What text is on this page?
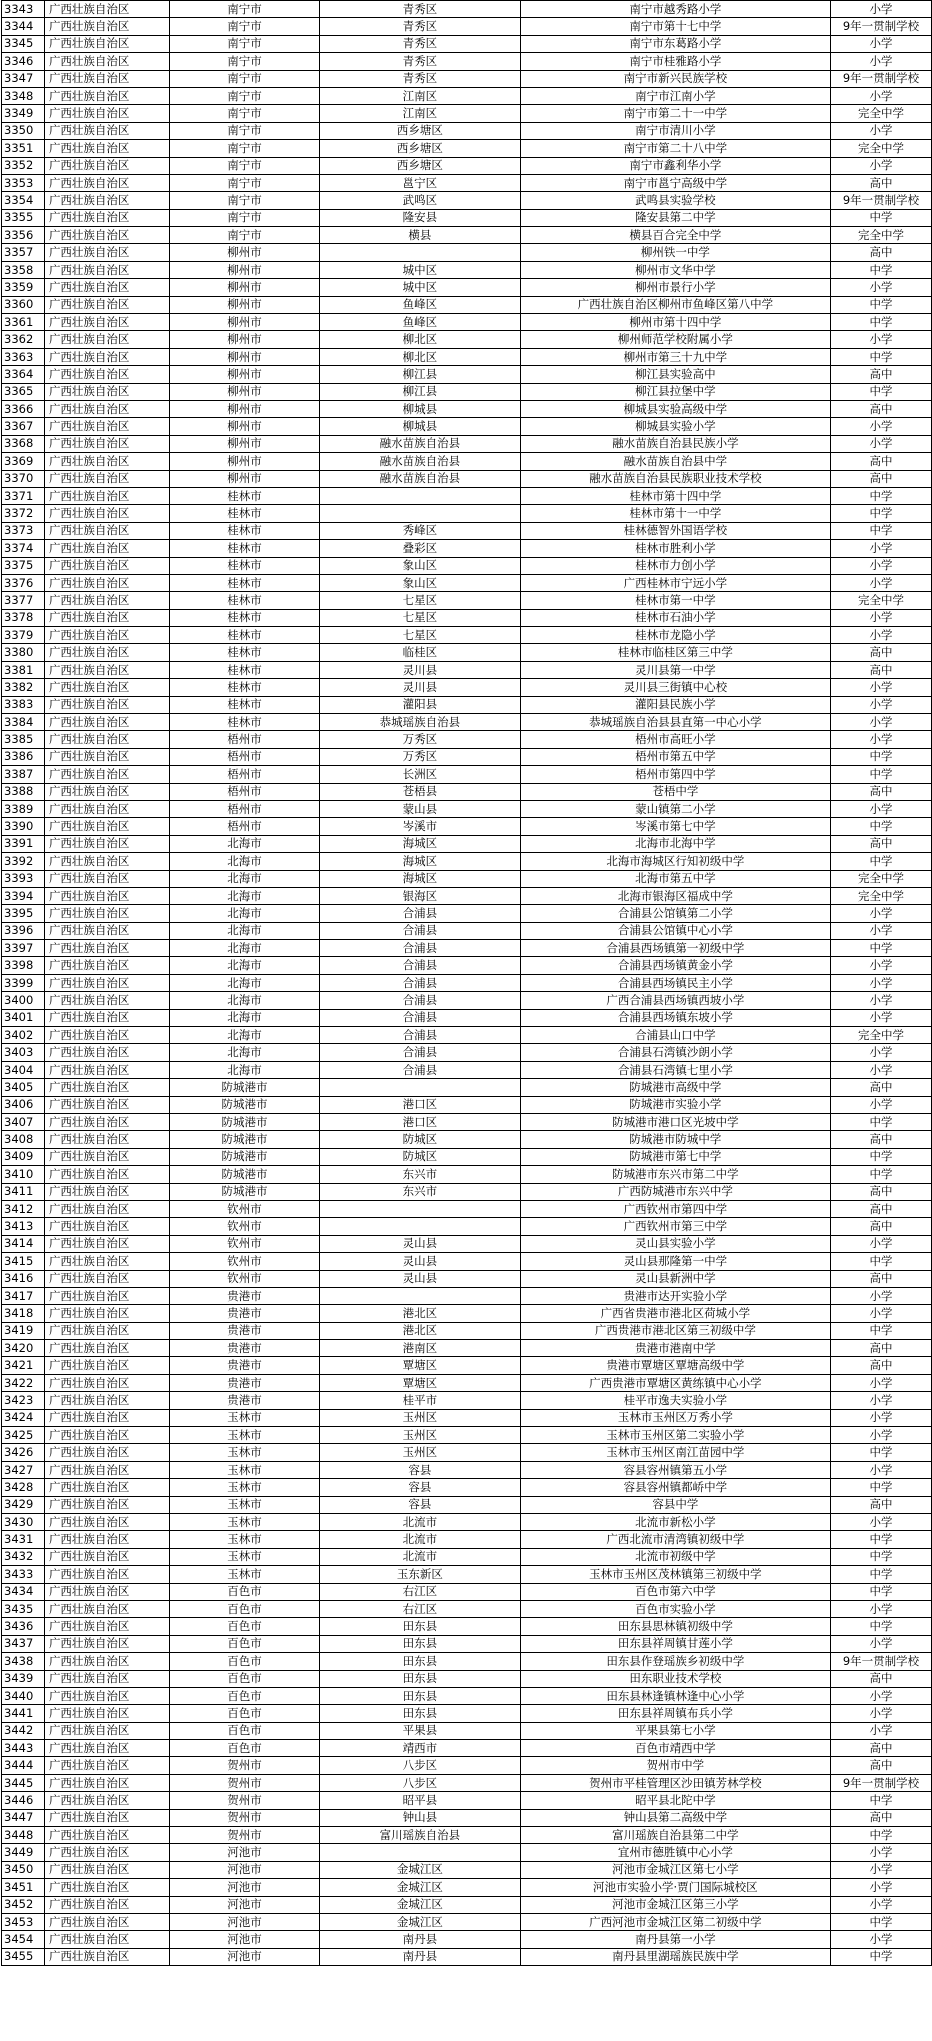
3343	广西壮族自治区	南宁市	青秀区	南宁市越秀路小学	小学
3344	广西壮族自治区	南宁市	青秀区	南宁市第十七中学	9年一贯制学校
3345	广西壮族自治区	南宁市	青秀区	南宁市东葛路小学	小学
3346	广西壮族自治区	南宁市	青秀区	南宁市桂雅路小学	小学
3347	广西壮族自治区	南宁市	青秀区	南宁市新兴民族学校	9年一贯制学校
3348	广西壮族自治区	南宁市	江南区	南宁市江南小学	小学
3349	广西壮族自治区	南宁市	江南区	南宁市第二十一中学	完全中学
3350	广西壮族自治区	南宁市	西乡塘区	南宁市清川小学	小学
3351	广西壮族自治区	南宁市	西乡塘区	南宁市第二十八中学	完全中学
3352	广西壮族自治区	南宁市	西乡塘区	南宁市鑫利华小学	小学
3353	广西壮族自治区	南宁市	邕宁区	南宁市邕宁高级中学	高中
3354	广西壮族自治区	南宁市	武鸣区	武鸣县实验学校	9年一贯制学校
3355	广西壮族自治区	南宁市	隆安县	隆安县第二中学	中学
3356	广西壮族自治区	南宁市	横县	横县百合完全中学	完全中学
3357	广西壮族自治区	柳州市		柳州铁一中学	高中
3358	广西壮族自治区	柳州市	城中区	柳州市文华中学	中学
3359	广西壮族自治区	柳州市	城中区	柳州市景行小学	小学
3360	广西壮族自治区	柳州市	鱼峰区	广西壮族自治区柳州市鱼峰区第八中学	中学
3361	广西壮族自治区	柳州市	鱼峰区	柳州市第十四中学	中学
3362	广西壮族自治区	柳州市	柳北区	柳州师范学校附属小学	小学
3363	广西壮族自治区	柳州市	柳北区	柳州市第三十九中学	中学
3364	广西壮族自治区	柳州市	柳江县	柳江县实验高中	高中
3365	广西壮族自治区	柳州市	柳江县	柳江县拉堡中学	中学
3366	广西壮族自治区	柳州市	柳城县	柳城县实验高级中学	高中
3367	广西壮族自治区	柳州市	柳城县	柳城县实验小学	小学
3368	广西壮族自治区	柳州市	融水苗族自治县	融水苗族自治县民族小学	小学
3369	广西壮族自治区	柳州市	融水苗族自治县	融水苗族自治县中学	高中
3370	广西壮族自治区	柳州市	融水苗族自治县	融水苗族自治县民族职业技术学校	高中
3371	广西壮族自治区	桂林市		桂林市第十四中学	中学
3372	广西壮族自治区	桂林市		桂林市第十一中学	中学
3373	广西壮族自治区	桂林市	秀峰区	桂林德智外国语学校	中学
3374	广西壮族自治区	桂林市	叠彩区	桂林市胜利小学	小学
3375	广西壮族自治区	桂林市	象山区	桂林市力创小学	小学
3376	广西壮族自治区	桂林市	象山区	广西桂林市宁远小学	小学
3377	广西壮族自治区	桂林市	七星区	桂林市第一中学	完全中学
3378	广西壮族自治区	桂林市	七星区	桂林市石油小学	小学
3379	广西壮族自治区	桂林市	七星区	桂林市龙隐小学	小学
3380	广西壮族自治区	桂林市	临桂区	桂林市临桂区第三中学	高中
3381	广西壮族自治区	桂林市	灵川县	灵川县第一中学	高中
3382	广西壮族自治区	桂林市	灵川县	灵川县三街镇中心校	小学
3383	广西壮族自治区	桂林市	灌阳县	灌阳县民族小学	小学
3384	广西壮族自治区	桂林市	恭城瑶族自治县	恭城瑶族自治县县直第一中心小学	小学
3385	广西壮族自治区	梧州市	万秀区	梧州市高旺小学	小学
3386	广西壮族自治区	梧州市	万秀区	梧州市第五中学	中学
3387	广西壮族自治区	梧州市	长洲区	梧州市第四中学	中学
3388	广西壮族自治区	梧州市	苍梧县	苍梧中学	高中
3389	广西壮族自治区	梧州市	蒙山县	蒙山镇第二小学	小学
3390	广西壮族自治区	梧州市	岑溪市	岑溪市第七中学	中学
3391	广西壮族自治区	北海市	海城区	北海市北海中学	高中
3392	广西壮族自治区	北海市	海城区	北海市海城区行知初级中学	中学
3393	广西壮族自治区	北海市	海城区	北海市第五中学	完全中学
3394	广西壮族自治区	北海市	银海区	北海市银海区福成中学	完全中学
3395	广西壮族自治区	北海市	合浦县	合浦县公馆镇第二小学	小学
3396	广西壮族自治区	北海市	合浦县	合浦县公馆镇中心小学	小学
3397	广西壮族自治区	北海市	合浦县	合浦县西场镇第一初级中学	中学
3398	广西壮族自治区	北海市	合浦县	合浦县西场镇黄金小学	小学
3399	广西壮族自治区	北海市	合浦县	合浦县西场镇民主小学	小学
3400	广西壮族自治区	北海市	合浦县	广西合浦县西场镇西坡小学	小学
3401	广西壮族自治区	北海市	合浦县	合浦县西场镇东坡小学	小学
3402	广西壮族自治区	北海市	合浦县	合浦县山口中学	完全中学
3403	广西壮族自治区	北海市	合浦县	合浦县石湾镇沙朗小学	小学
3404	广西壮族自治区	北海市	合浦县	合浦县石湾镇七里小学	小学
3405	广西壮族自治区	防城港市		防城港市高级中学	高中
3406	广西壮族自治区	防城港市	港口区	防城港市实验小学	小学
3407	广西壮族自治区	防城港市	港口区	防城港市港口区光坡中学	中学
3408	广西壮族自治区	防城港市	防城区	防城港市防城中学	高中
3409	广西壮族自治区	防城港市	防城区	防城港市第七中学	中学
3410	广西壮族自治区	防城港市	东兴市	防城港市东兴市第二中学	中学
3411	广西壮族自治区	防城港市	东兴市	广西防城港市东兴中学	高中
3412	广西壮族自治区	钦州市		广西钦州市第四中学	高中
3413	广西壮族自治区	钦州市		广西钦州市第三中学	高中
3414	广西壮族自治区	钦州市	灵山县	灵山县实验小学	小学
3415	广西壮族自治区	钦州市	灵山县	灵山县那隆第一中学	中学
3416	广西壮族自治区	钦州市	灵山县	灵山县新洲中学	高中
3417	广西壮族自治区	贵港市		贵港市达开实验小学	小学
3418	广西壮族自治区	贵港市	港北区	广西省贵港市港北区荷城小学	小学
3419	广西壮族自治区	贵港市	港北区	广西贵港市港北区第三初级中学	中学
3420	广西壮族自治区	贵港市	港南区	贵港市港南中学	高中
3421	广西壮族自治区	贵港市	覃塘区	贵港市覃塘区覃塘高级中学	高中
3422	广西壮族自治区	贵港市	覃塘区	广西贵港市覃塘区黄练镇中心小学	小学
3423	广西壮族自治区	贵港市	桂平市	桂平市逸夫实验小学	小学
3424	广西壮族自治区	玉林市	玉州区	玉林市玉州区万秀小学	小学
3425	广西壮族自治区	玉林市	玉州区	玉林市玉州区第二实验小学	小学
3426	广西壮族自治区	玉林市	玉州区	玉林市玉州区南江苗园中学	中学
3427	广西壮族自治区	玉林市	容县	容县容州镇第五小学	小学
3428	广西壮族自治区	玉林市	容县	容县容州镇都峤中学	中学
3429	广西壮族自治区	玉林市	容县	容县中学	高中
3430	广西壮族自治区	玉林市	北流市	北流市新松小学	小学
3431	广西壮族自治区	玉林市	北流市	广西北流市清湾镇初级中学	中学
3432	广西壮族自治区	玉林市	北流市	北流市初级中学	中学
3433	广西壮族自治区	玉林市	玉东新区	玉林市玉州区茂林镇第三初级中学	中学
3434	广西壮族自治区	百色市	右江区	百色市第六中学	中学
3435	广西壮族自治区	百色市	右江区	百色市实验小学	小学
3436	广西壮族自治区	百色市	田东县	田东县思林镇初级中学	中学
3437	广西壮族自治区	百色市	田东县	田东县祥周镇甘莲小学	小学
3438	广西壮族自治区	百色市	田东县	田东县作登瑶族乡初级中学	9年一贯制学校
3439	广西壮族自治区	百色市	田东县	田东职业技术学校	高中
3440	广西壮族自治区	百色市	田东县	田东县林逢镇林逢中心小学	小学
3441	广西壮族自治区	百色市	田东县	田东县祥周镇布兵小学	小学
3442	广西壮族自治区	百色市	平果县	平果县第七小学	小学
3443	广西壮族自治区	百色市	靖西市	百色市靖西中学	高中
3444	广西壮族自治区	贺州市	八步区	贺州市中学	高中
3445	广西壮族自治区	贺州市	八步区	贺州市平桂管理区沙田镇芳林学校	9年一贯制学校
3446	广西壮族自治区	贺州市	昭平县	昭平县北陀中学	中学
3447	广西壮族自治区	贺州市	钟山县	钟山县第二高级中学	高中
3448	广西壮族自治区	贺州市	富川瑶族自治县	富川瑶族自治县第二中学	中学
3449	广西壮族自治区	河池市		宜州市德胜镇中心小学	小学
3450	广西壮族自治区	河池市	金城江区	河池市金城江区第七小学	小学
3451	广西壮族自治区	河池市	金城江区	河池市实验小学·贾门国际城校区	小学
3452	广西壮族自治区	河池市	金城江区	河池市金城江区第三小学	小学
3453	广西壮族自治区	河池市	金城江区	广西河池市金城江区第二初级中学	中学
3454	广西壮族自治区	河池市	南丹县	南丹县第一小学	小学
3455	广西壮族自治区	河池市	南丹县	南丹县里湖瑶族民族中学	中学
